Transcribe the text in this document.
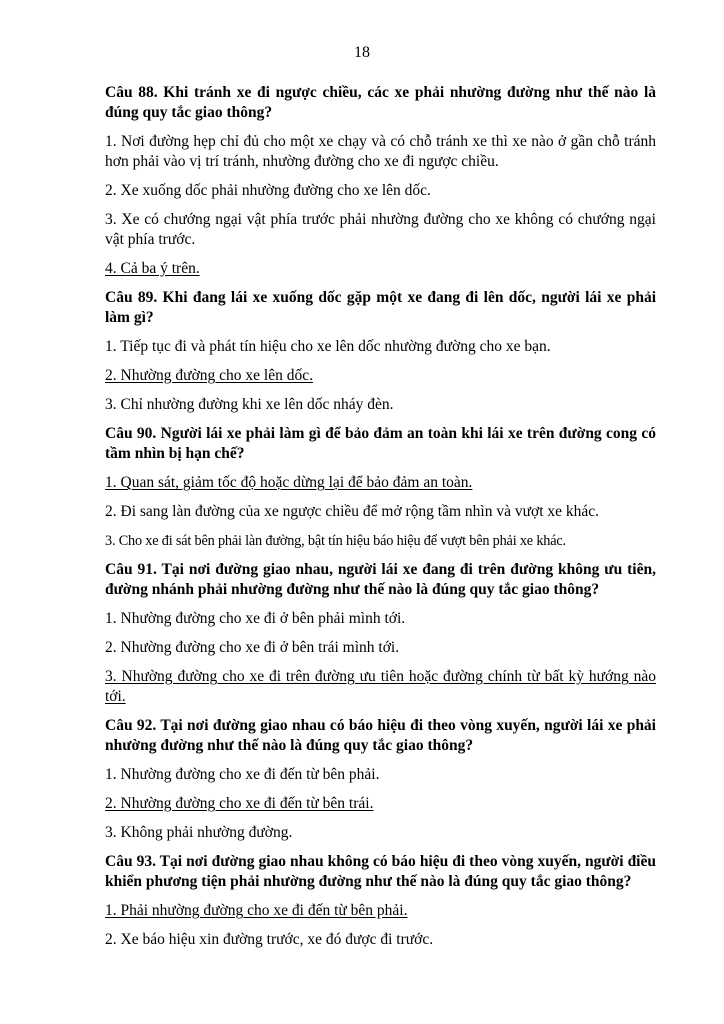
18

Câu 88. Khi tránh xe đi ngược chiều, các xe phải nhường đường như thế nào là đúng quy tắc giao thông?

1. Nơi đường hẹp chỉ đủ cho một xe chạy và có chỗ tránh xe thì xe nào ở gần chỗ tránh hơn phải vào vị trí tránh, nhường đường cho xe đi ngược chiều.

2. Xe xuống dốc phải nhường đường cho xe lên dốc.

3. Xe có chướng ngại vật phía trước phải nhường đường cho xe không có chướng ngại vật phía trước.

4. Cả ba ý trên.

Câu 89. Khi đang lái xe xuống dốc gặp một xe đang đi lên dốc, người lái xe phải làm gì?

1. Tiếp tục đi và phát tín hiệu cho xe lên dốc nhường đường cho xe bạn.

2. Nhường đường cho xe lên dốc.

3. Chỉ nhường đường khi xe lên dốc nháy đèn.

Câu 90. Người lái xe phải làm gì để bảo đảm an toàn khi lái xe trên đường cong có tầm nhìn bị hạn chế?

1. Quan sát, giảm tốc độ hoặc dừng lại để bảo đảm an toàn.

2. Đi sang làn đường của xe ngược chiều để mở rộng tầm nhìn và vượt xe khác.

3. Cho xe đi sát bên phải làn đường, bật tín hiệu báo hiệu để vượt bên phải xe khác.

Câu 91. Tại nơi đường giao nhau, người lái xe đang đi trên đường không ưu tiên, đường nhánh phải nhường đường như thế nào là đúng quy tắc giao thông?

1. Nhường đường cho xe đi ở bên phải mình tới.

2. Nhường đường cho xe đi ở bên trái mình tới.

3. Nhường đường cho xe đi trên đường ưu tiên hoặc đường chính từ bất kỳ hướng nào tới.

Câu 92. Tại nơi đường giao nhau có báo hiệu đi theo vòng xuyến, người lái xe phải nhường đường như thế nào là đúng quy tắc giao thông?

1. Nhường đường cho xe đi đến từ bên phải.

2. Nhường đường cho xe đi đến từ bên trái.

3. Không phải nhường đường.

Câu 93. Tại nơi đường giao nhau không có báo hiệu đi theo vòng xuyến, người điều khiển phương tiện phải nhường đường như thế nào là đúng quy tắc giao thông?

1. Phải nhường đường cho xe đi đến từ bên phải.

2. Xe báo hiệu xin đường trước, xe đó được đi trước.
